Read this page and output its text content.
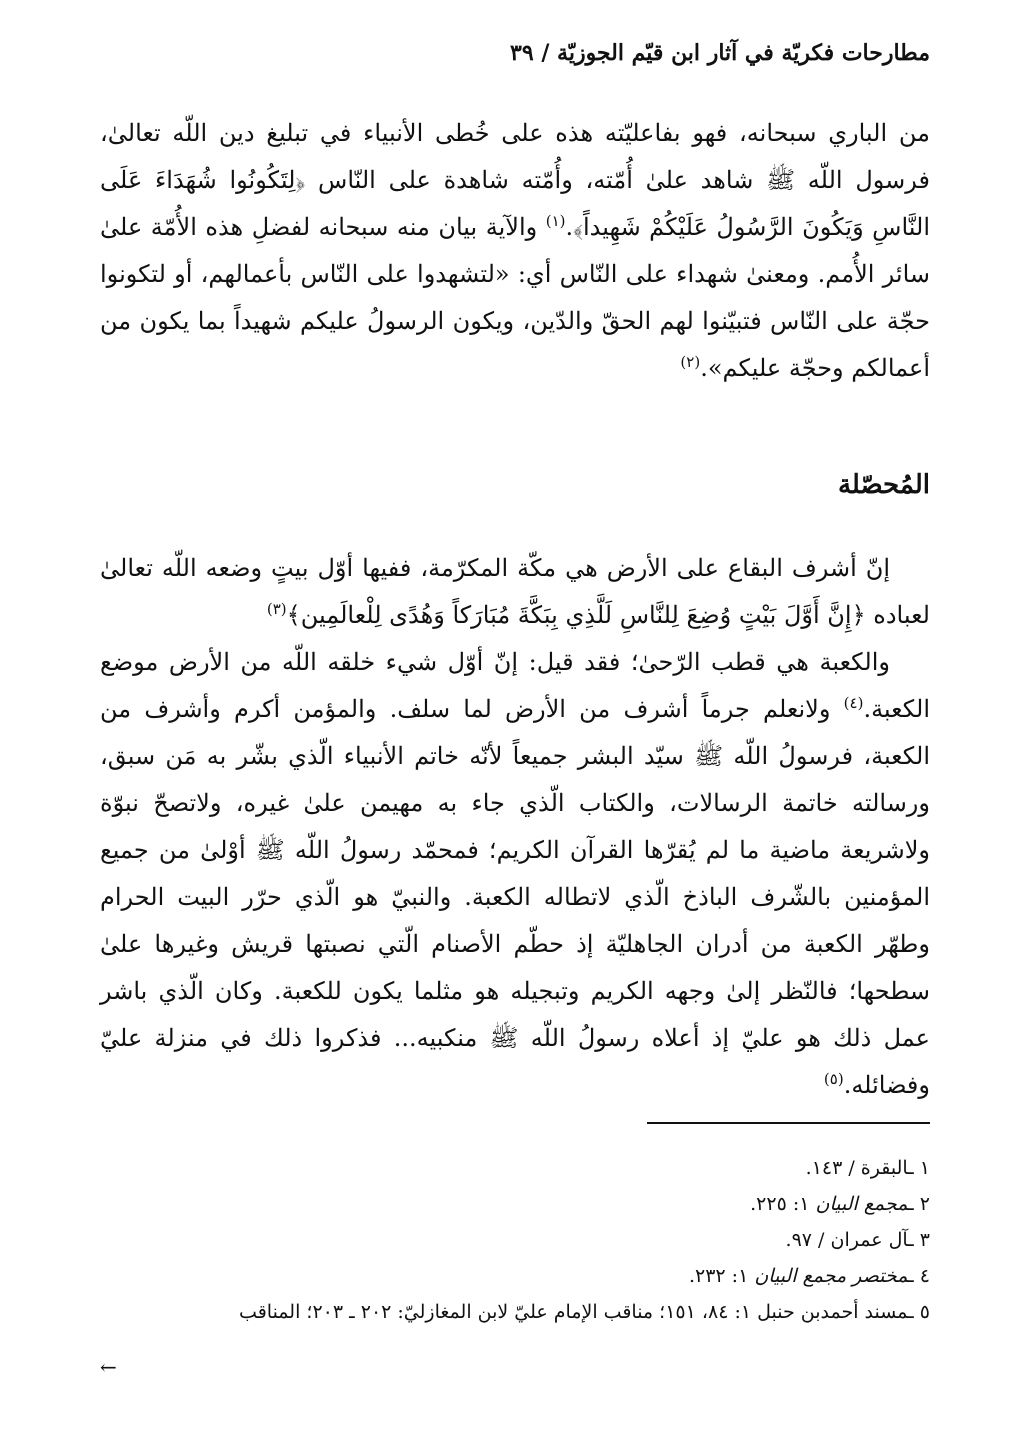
مطارحات فكريّة في آثار ابن قيّم الجوزيّة / ٣٩

من الباري سبحانه، فهو بفاعليّته هذه على خُطى الأنبياء في تبليغ دين اللّه تعالىٰ، فرسول اللّه ﷺ شاهد علىٰ أُمّته، وأُمّته شاهدة على النّاس ﴿لِتَكُونُوا شُهَدَاءَ عَلَى النَّاسِ وَيَكُونَ الرَّسُولُ عَلَيْكُمْ شَهِيداً﴾.$^{(١)}$ والآية بيان منه سبحانه لفضلِ هذه الأُمّة علىٰ سائر الأُمم. ومعنىٰ شهداء على النّاس أي: «لتشهدوا على النّاس بأعمالهم، أو لتكونوا حجّة على النّاس فتبيّنوا لهم الحقّ والدّين، ويكون الرسولُ عليكم شهيداً بما يكون من أعمالكم وحجّة عليكم».$^{(٢)}$

المُحصّلة

إنّ أشرف البقاع على الأرض هي مكّة المكرّمة، ففيها أوّل بيتٍ وضعه اللّه تعالىٰ لعباده ﴿إِنَّ أَوَّلَ بَيْتٍ وُضِعَ لِلنَّاسِ لَلَّذِي بِبَكَّةَ مُبَارَكاً وَهُدًى لِلْعالَمِين﴾$^{(٣)}$

والكعبة هي قطب الرّحىٰ؛ فقد قيل: إنّ أوّل شيء خلقه اللّه من الأرض موضع الكعبة.$^{(٤)}$ ولانعلم جرماً أشرف من الأرض لما سلف. والمؤمن أكرم وأشرف من الكعبة، فرسولُ اللّه ﷺ سيّد البشر جميعاً لأنّه خاتم الأنبياء الّذي بشّر به مَن سبق، ورسالته خاتمة الرسالات، والكتاب الّذي جاء به مهيمن علىٰ غيره، ولاتصحّ نبوّة ولاشريعة ماضية ما لم يُقرّها القرآن الكريم؛ فمحمّد رسولُ اللّه ﷺ أوْلىٰ من جميع المؤمنين بالشّرف الباذخ الّذي لاتطاله الكعبة. والنبيّ هو الّذي حرّر البيت الحرام وطهّر الكعبة من أدران الجاهليّة إذ حطّم الأصنام الّتي نصبتها قريش وغيرها علىٰ سطحها؛ فالنّظر إلىٰ وجهه الكريم وتبجيله هو مثلما يكون للكعبة. وكان الّذي باشر عمل ذلك هو عليّ إذ أعلاه رسولُ اللّه ﷺ منكبيه... فذكروا ذلك في منزلة عليّ وفضائله.$^{(٥)}$

١ ـالبقرة / ١٤٣.

٢ ـمجمع البيان ١: ٢٢٥.

٣ ـآل عمران / ٩٧.

٤ ـمختصر مجمع البيان ١: ٢٣٢.

٥ ـمسند أحمدبن حنبل ١: ٨٤، ١٥١؛ مناقب الإمام عليّ لابن المغازليّ: ٢٠٢ ـ ٢٠٣؛ المناقب

←
